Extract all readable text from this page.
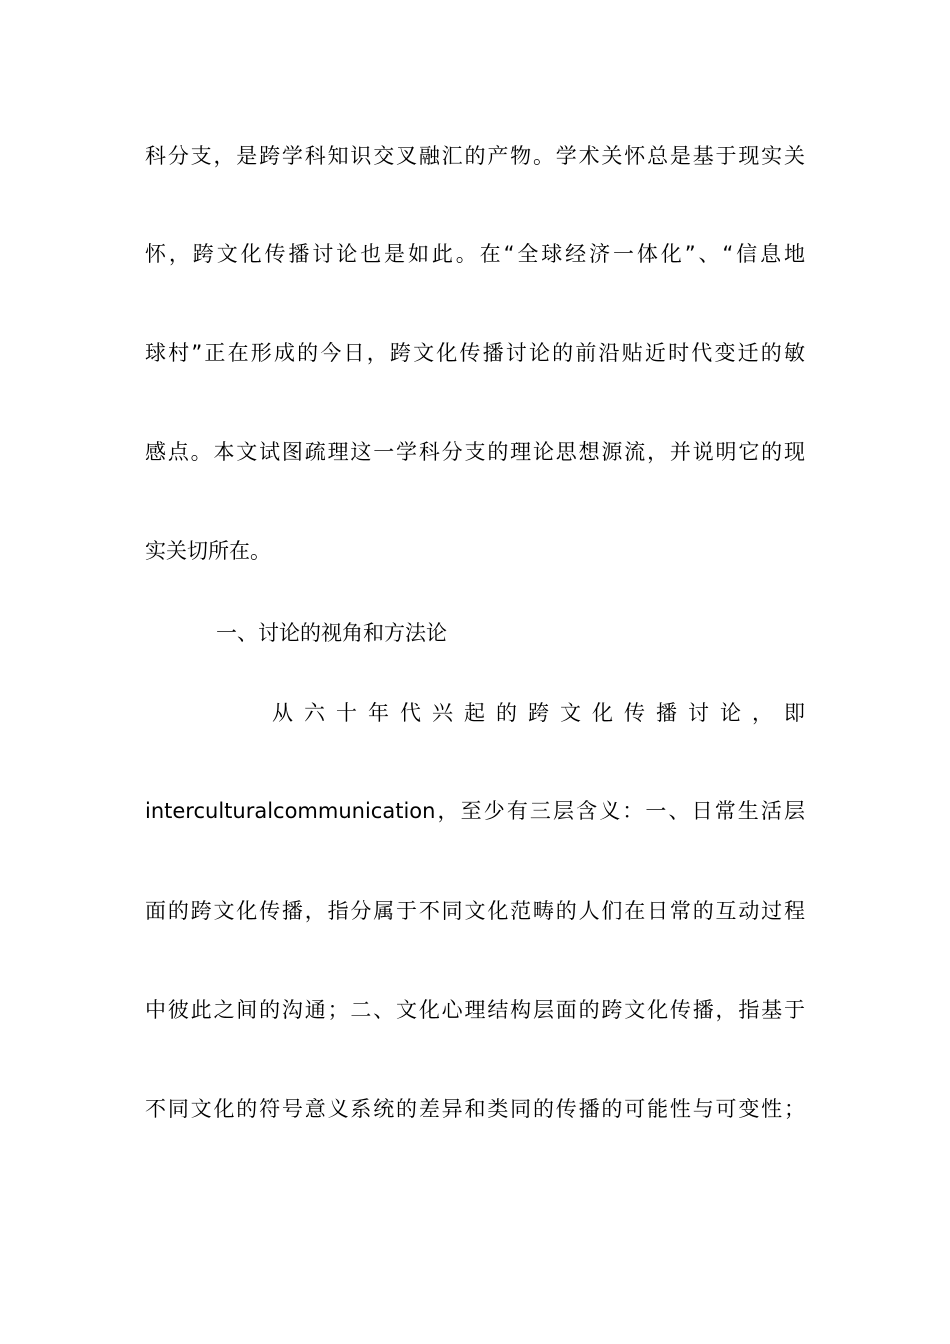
科分支，是跨学科知识交叉融汇的产物。学术关怀总是基于现实关
怀，跨文化传播讨论也是如此。在“全球经济一体化”、“信息地
球村”正在形成的今日，跨文化传播讨论的前沿贴近时代变迁的敏
感点。本文试图疏理这一学科分支的理论思想源流，并说明它的现
实关切所在。
一、讨论的视角和方法论
从六十年代兴起的跨文化传播讨论，即
interculturalcommunication，至少有三层含义：一、日常生活层
面的跨文化传播，指分属于不同文化范畴的人们在日常的互动过程
中彼此之间的沟通；二、文化心理结构层面的跨文化传播，指基于
不同文化的符号意义系统的差异和类同的传播的可能性与可变性；
